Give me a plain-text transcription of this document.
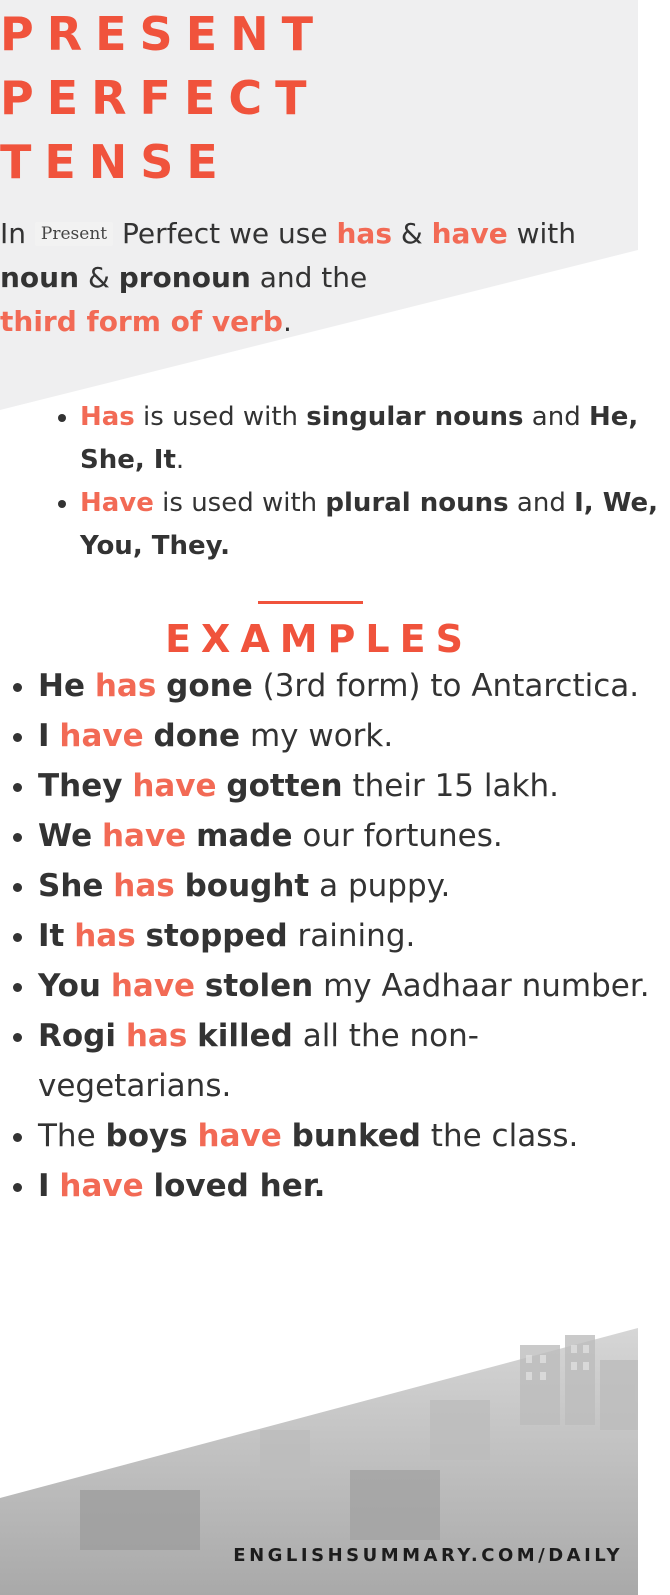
PRESENT
PERFECT
TENSE

In Present Perfect we use has & have with
noun & pronoun and the
third form of verb.

• Has is used with singular nouns and He, She, It.
• Have is used with plural nouns and I, We, You, They.
EXAMPLES
• He has gone (3rd form) to Antarctica.
• I have done my work.
• They have gotten their 15 lakh.
• We have made our fortunes.
• She has bought a puppy.
• It has stopped raining.
• You have stolen my Aadhaar number.
• Rogi has killed all the non-vegetarians.
• The boys have bunked the class.
• I have loved her.
ENGLISHSUMMARY.COM/DAILY
